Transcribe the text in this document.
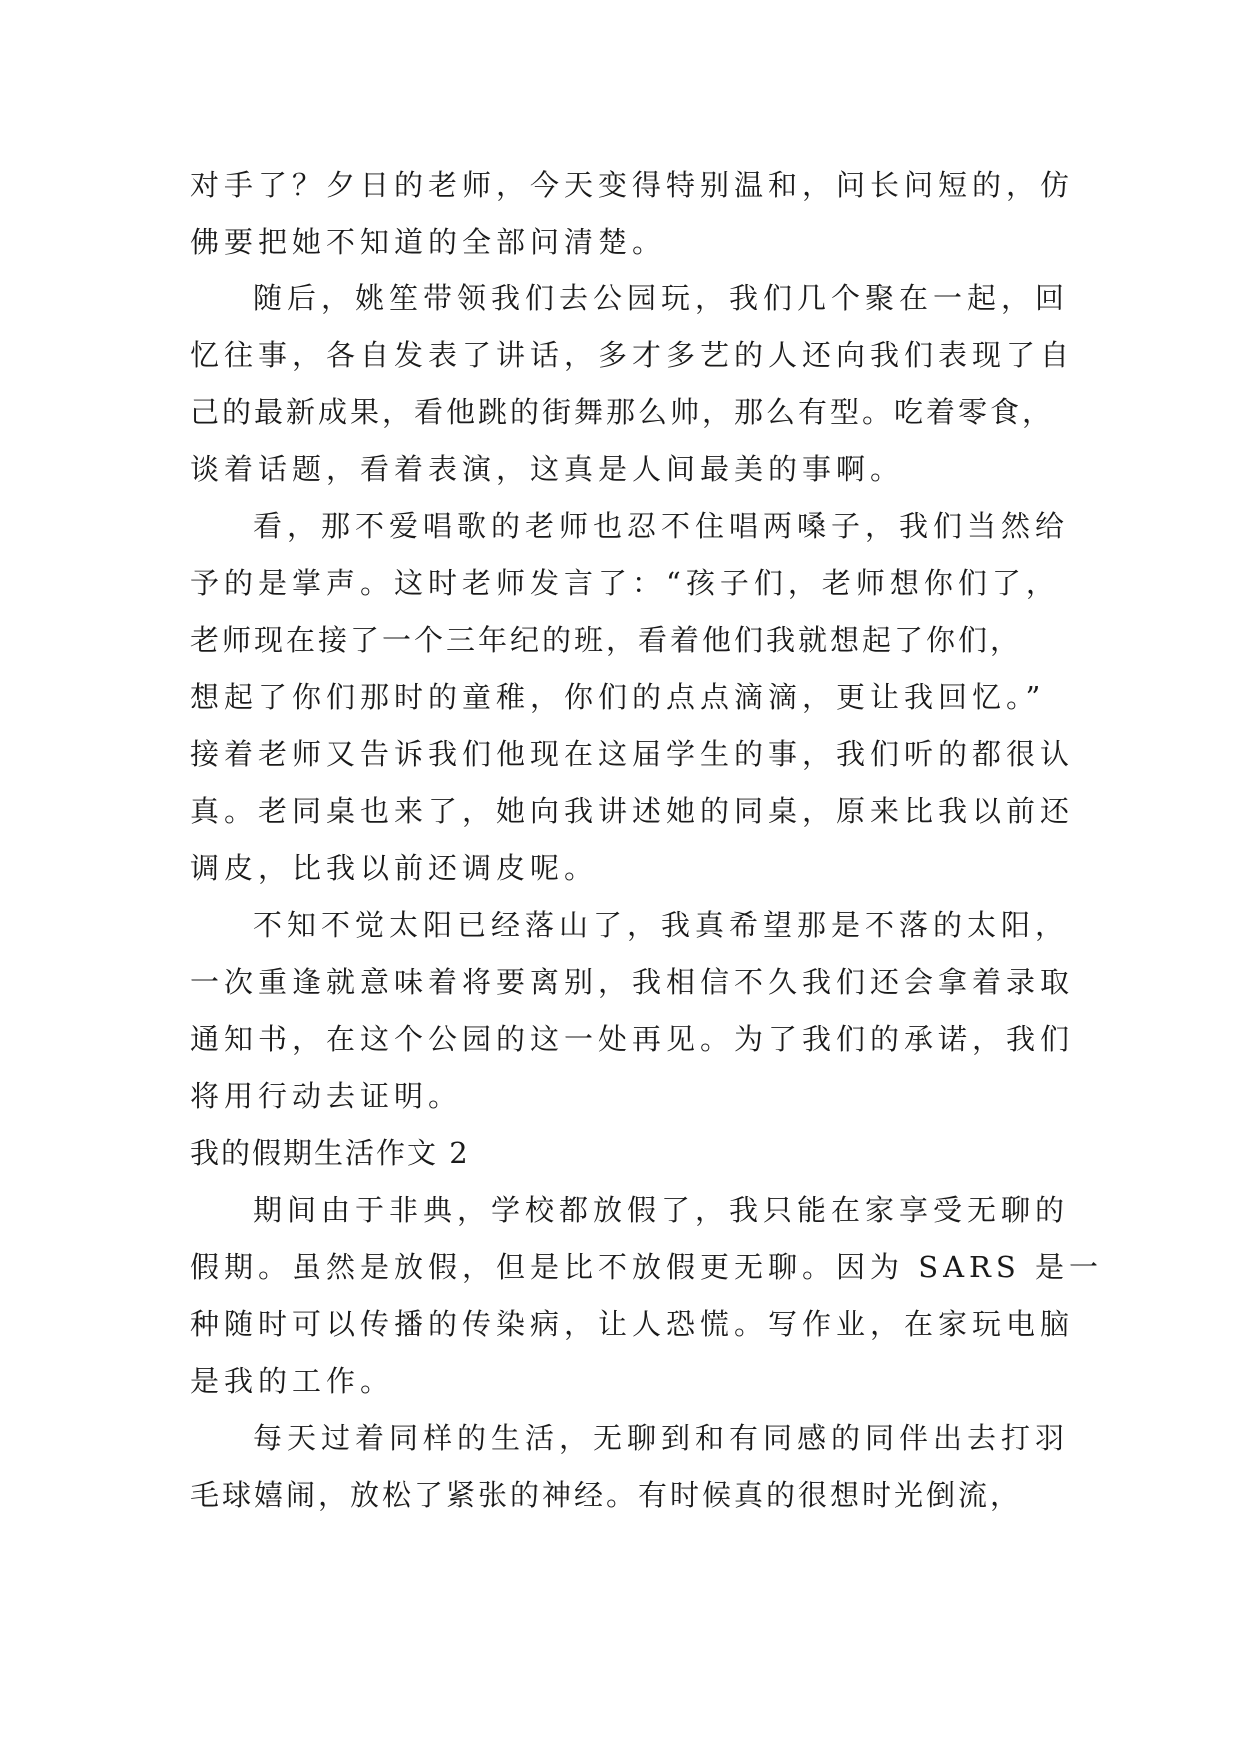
对手了？夕日的老师，今天变得特别温和，问长问短的，仿

佛要把她不知道的全部问清楚。

随后，姚笙带领我们去公园玩，我们几个聚在一起，回

忆往事，各自发表了讲话，多才多艺的人还向我们表现了自

己的最新成果，看他跳的街舞那么帅，那么有型。吃着零食，

谈着话题，看着表演，这真是人间最美的事啊。

看，那不爱唱歌的老师也忍不住唱两嗓子，我们当然给

予的是掌声。这时老师发言了：“孩子们，老师想你们了，

老师现在接了一个三年纪的班，看着他们我就想起了你们，

想起了你们那时的童稚，你们的点点滴滴，更让我回忆。”

接着老师又告诉我们他现在这届学生的事，我们听的都很认

真。老同桌也来了，她向我讲述她的同桌，原来比我以前还

调皮，比我以前还调皮呢。

不知不觉太阳已经落山了，我真希望那是不落的太阳，

一次重逢就意味着将要离别，我相信不久我们还会拿着录取

通知书，在这个公园的这一处再见。为了我们的承诺，我们

将用行动去证明。

我的假期生活作文 2

期间由于非典，学校都放假了，我只能在家享受无聊的

假期。虽然是放假，但是比不放假更无聊。因为 SARS 是一

种随时可以传播的传染病，让人恐慌。写作业，在家玩电脑

是我的工作。

每天过着同样的生活，无聊到和有同感的同伴出去打羽

毛球嬉闹，放松了紧张的神经。有时候真的很想时光倒流，
